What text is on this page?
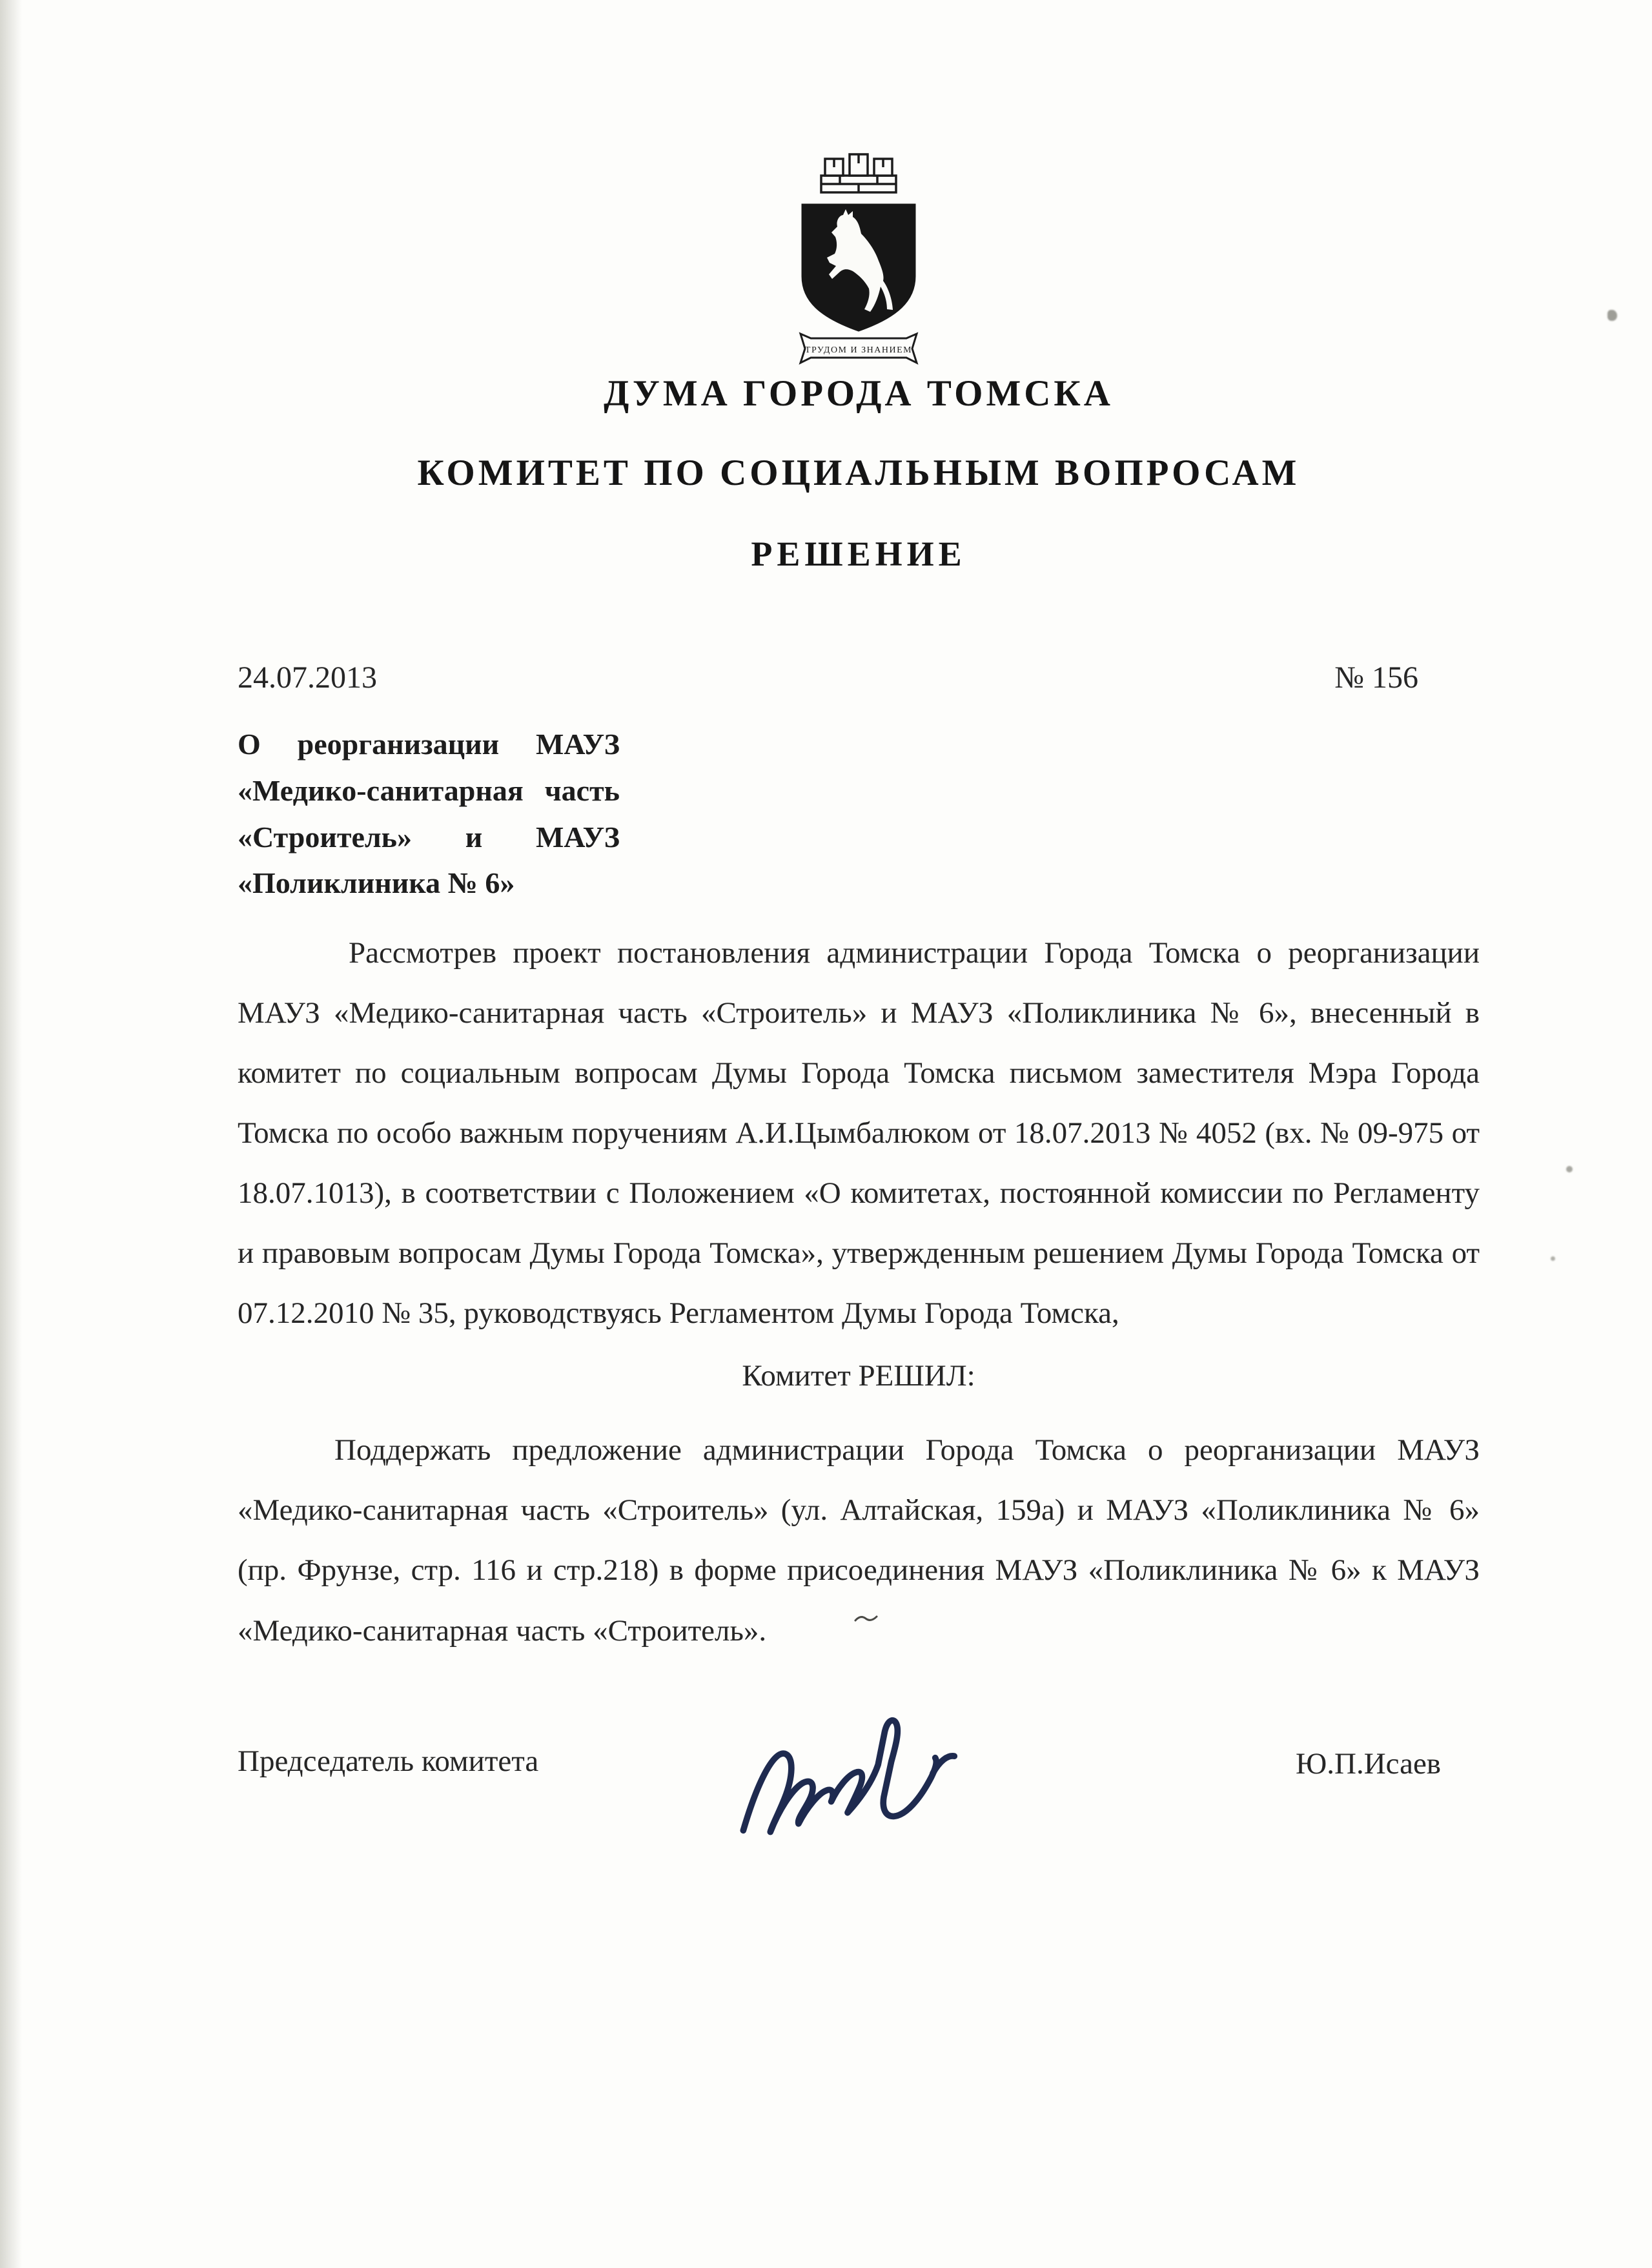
ТРУДОМ И ЗНАНИЕМ
ДУМА ГОРОДА ТОМСКА
КОМИТЕТ ПО СОЦИАЛЬНЫМ ВОПРОСАМ
РЕШЕНИЕ
24.07.2013	№ 156
О реорганизации МАУЗ «Медико-санитарная часть «Строитель» и МАУЗ «Поликлиника № 6»

Рассмотрев проект постановления администрации Города Томска о реорганизации МАУЗ «Медико-санитарная часть «Строитель» и МАУЗ «Поликлиника № 6», внесенный в комитет по социальным вопросам Думы Города Томска письмом заместителя Мэра Города Томска по особо важным поручениям А.И.Цымбалюком от 18.07.2013 № 4052 (вх. № 09-975 от 18.07.1013), в соответствии с Положением «О комитетах, постоянной комиссии по Регламенту и правовым вопросам Думы Города Томска», утвержденным решением Думы Города Томска от 07.12.2010 № 35, руководствуясь Регламентом Думы Города Томска,

Комитет РЕШИЛ:

Поддержать предложение администрации Города Томска о реорганизации МАУЗ «Медико-санитарная часть «Строитель» (ул. Алтайская, 159а) и МАУЗ «Поликлиника № 6» (пр. Фрунзе, стр. 116 и стр.218) в форме присоединения МАУЗ «Поликлиника № 6» к МАУЗ «Медико-санитарная часть «Строитель».

Председатель комитета	Ю.П.Исаев
